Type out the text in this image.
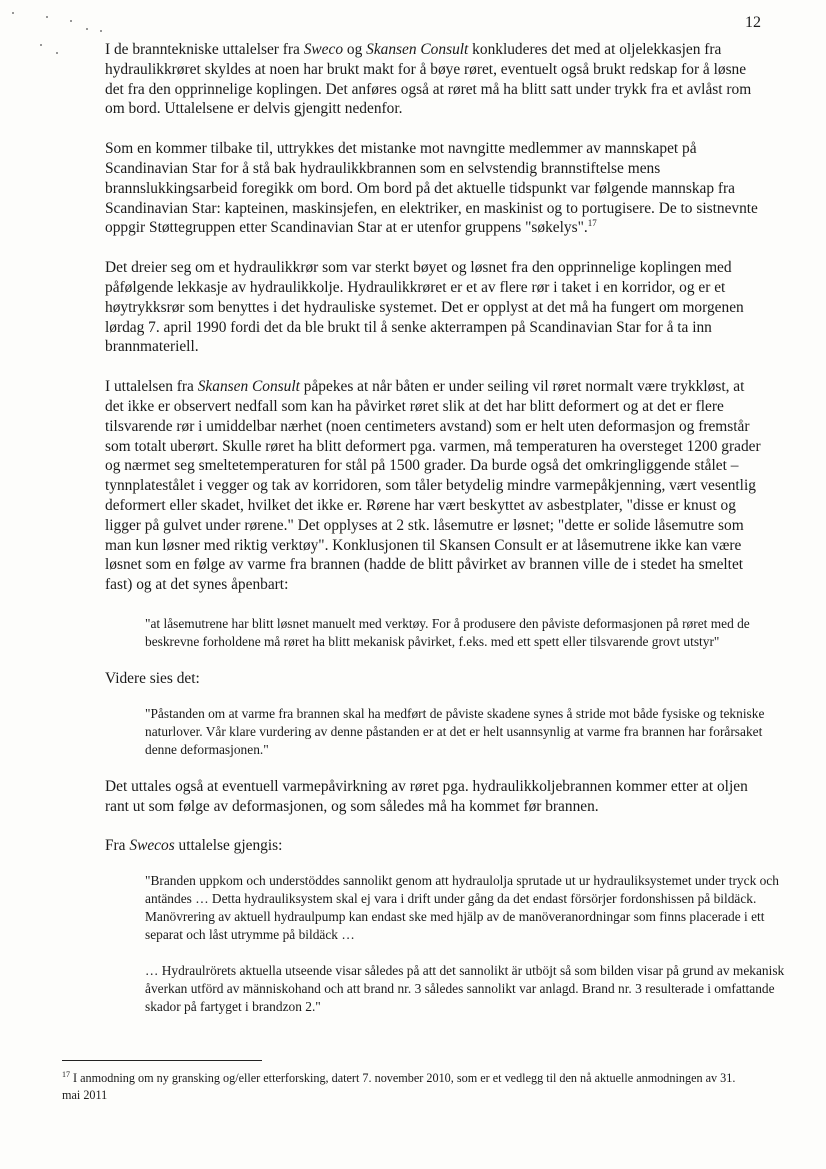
12

I de branntekniske uttalelser fra Sweco og Skansen Consult konkluderes det med at oljelekkasjen fra hydraulikkrøret skyldes at noen har brukt makt for å bøye røret, eventuelt også brukt redskap for å løsne det fra den opprinnelige koplingen. Det anføres også at røret må ha blitt satt under trykk fra et avlåst rom om bord. Uttalelsene er delvis gjengitt nedenfor.

Som en kommer tilbake til, uttrykkes det mistanke mot navngitte medlemmer av mannskapet på Scandinavian Star for å stå bak hydraulikkbrannen som en selvstendig brannstiftelse mens brannslukkingsarbeid foregikk om bord. Om bord på det aktuelle tidspunkt var følgende mannskap fra Scandinavian Star: kapteinen, maskinsjefen, en elektriker, en maskinist og to portugisere. De to sistnevnte oppgir Støttegruppen etter Scandinavian Star at er utenfor gruppens "søkelys".$^{17}$

Det dreier seg om et hydraulikkrør som var sterkt bøyet og løsnet fra den opprinnelige koplingen med påfølgende lekkasje av hydraulikkolje. Hydraulikkrøret er et av flere rør i taket i en korridor, og er et høytrykksrør som benyttes i det hydrauliske systemet. Det er opplyst at det må ha fungert om morgenen lørdag 7. april 1990 fordi det da ble brukt til å senke akterrampen på Scandinavian Star for å ta inn brannmateriell.

I uttalelsen fra Skansen Consult påpekes at når båten er under seiling vil røret normalt være trykkløst, at det ikke er observert nedfall som kan ha påvirket røret slik at det har blitt deformert og at det er flere tilsvarende rør i umiddelbar nærhet (noen centimeters avstand) som er helt uten deformasjon og fremstår som totalt uberørt. Skulle røret ha blitt deformert pga. varmen, må temperaturen ha oversteget 1200 grader og nærmet seg smeltetemperaturen for stål på 1500 grader. Da burde også det omkringliggende stålet – tynnplatestålet i vegger og tak av korridoren, som tåler betydelig mindre varmepåkjenning, vært vesentlig deformert eller skadet, hvilket det ikke er. Rørene har vært beskyttet av asbestplater, "disse er knust og ligger på gulvet under rørene." Det opplyses at 2 stk. låsemutre er løsnet; "dette er solide låsemutre som man kun løsner med riktig verktøy". Konklusjonen til Skansen Consult er at låsemutrene ikke kan være løsnet som en følge av varme fra brannen (hadde de blitt påvirket av brannen ville de i stedet ha smeltet fast) og at det synes åpenbart:

"at låsemutrene har blitt løsnet manuelt med verktøy. For å produsere den påviste deformasjonen på røret med de beskrevne forholdene må røret ha blitt mekanisk påvirket, f.eks. med ett spett eller tilsvarende grovt utstyr"

Videre sies det:

"Påstanden om at varme fra brannen skal ha medført de påviste skadene synes å stride mot både fysiske og tekniske naturlover. Vår klare vurdering av denne påstanden er at det er helt usannsynlig at varme fra brannen har forårsaket denne deformasjonen."

Det uttales også at eventuell varmepåvirkning av røret pga. hydraulikkoljebrannen kommer etter at oljen rant ut som følge av deformasjonen, og som således må ha kommet før brannen.

Fra Swecos uttalelse gjengis:

"Branden uppkom och understöddes sannolikt genom att hydraulolja sprutade ut ur hydrauliksystemet under tryck och antändes … Detta hydrauliksystem skal ej vara i drift under gång da det endast försörjer fordonshissen på bildäck. Manövrering av aktuell hydraulpump kan endast ske med hjälp av de manöveranordningar som finns placerade i ett separat och låst utrymme på bildäck …
… Hydraulrörets aktuella utseende visar således på att det sannolikt är utböjt så som bilden visar på grund av mekanisk åverkan utförd av människohand och att brand nr. 3 således sannolikt var anlagd. Brand nr. 3 resulterade i omfattande skador på fartyget i brandzon 2."
$^{17}$ I anmodning om ny gransking og/eller etterforsking, datert 7. november 2010, som er et vedlegg til den nå aktuelle anmodningen av 31. mai 2011
